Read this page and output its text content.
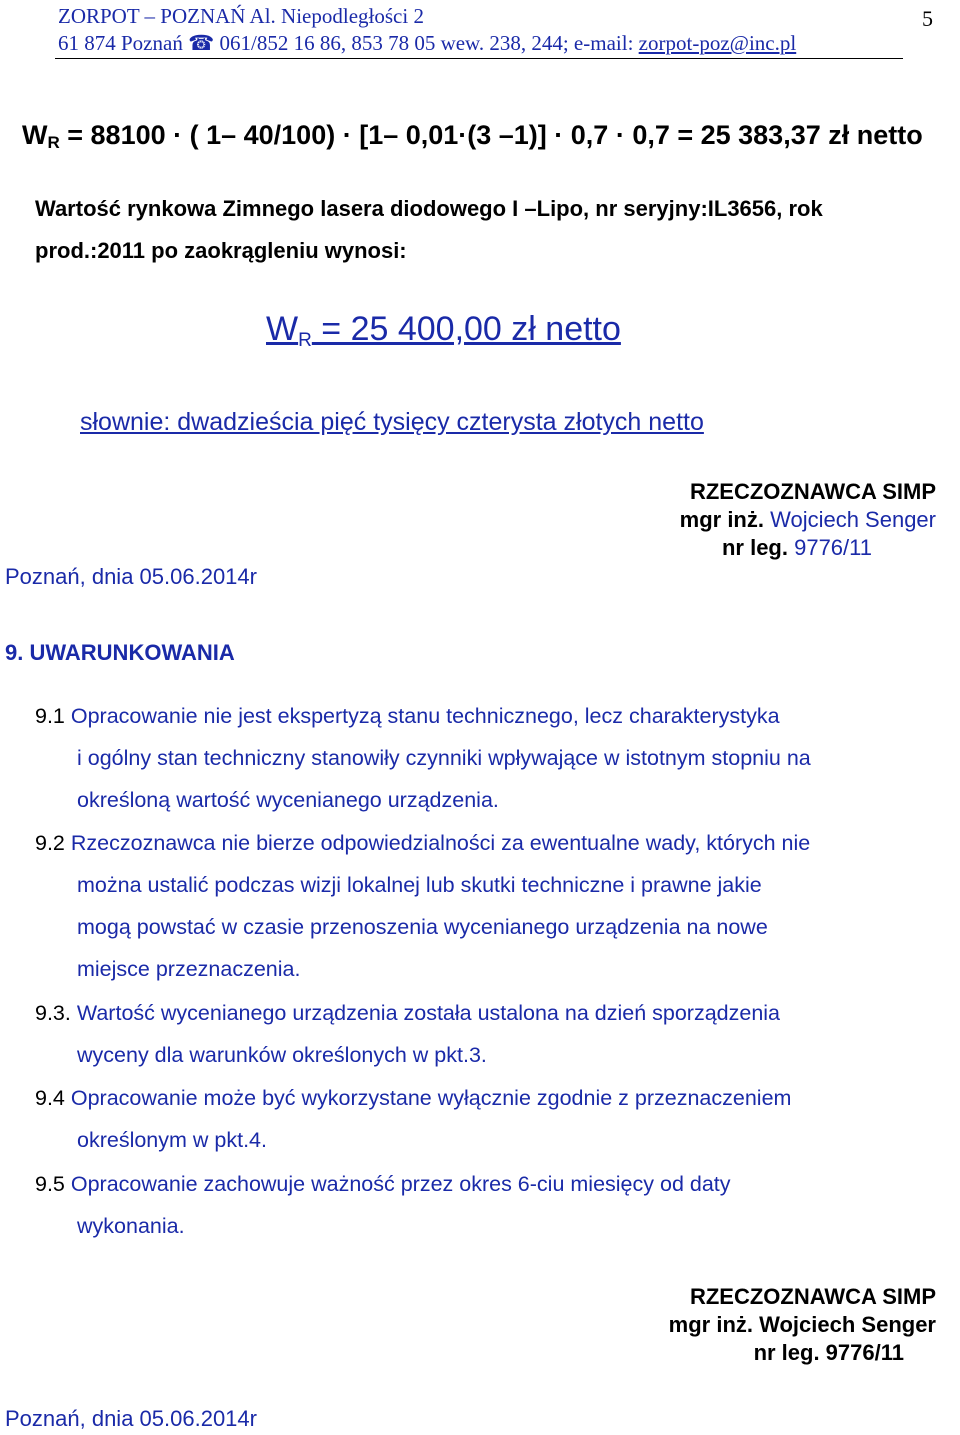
ZORPOT – POZNAŃ Al. Niepodległości 2
61 874 Poznań ☎ 061/852 16 86, 853 78 05 wew. 238, 244; e-mail: zorpot-poz@inc.pl
5
$W_R = 88100$ · ( 1– 40/100) · [1– 0,01·(3 –1)] · 0,7 · 0,7 = 25 383,37 zł netto
Wartość rynkowa Zimnego lasera diodowego I –Lipo, nr seryjny:IL3656, rok
prod.:2011 po zaokrągleniu wynosi:
WR = 25 400,00 zł netto
słownie: dwadzieścia pięć tysięcy czterysta złotych netto
RZECZOZNAWCA SIMP
mgr inż. Wojciech Senger
nr leg. 9776/11
Poznań, dnia 05.06.2014r
9. UWARUNKOWANIA
9.1 Opracowanie nie jest ekspertyzą stanu technicznego, lecz charakterystyka
i ogólny stan techniczny stanowiły czynniki wpływające w istotnym stopniu na
określoną wartość wycenianego urządzenia.
9.2 Rzeczoznawca nie bierze odpowiedzialności za ewentualne wady, których nie
można ustalić podczas wizji lokalnej lub skutki techniczne i prawne jakie
mogą powstać w czasie przenoszenia wycenianego urządzenia na nowe
miejsce przeznaczenia.
9.3. Wartość wycenianego urządzenia została ustalona na dzień sporządzenia
wyceny dla warunków określonych w pkt.3.
9.4 Opracowanie może być wykorzystane wyłącznie zgodnie z przeznaczeniem
określonym w pkt.4.
9.5 Opracowanie zachowuje ważność przez okres 6-ciu miesięcy od daty
wykonania.
RZECZOZNAWCA SIMP
mgr inż. Wojciech Senger
nr leg. 9776/11
Poznań, dnia 05.06.2014r
